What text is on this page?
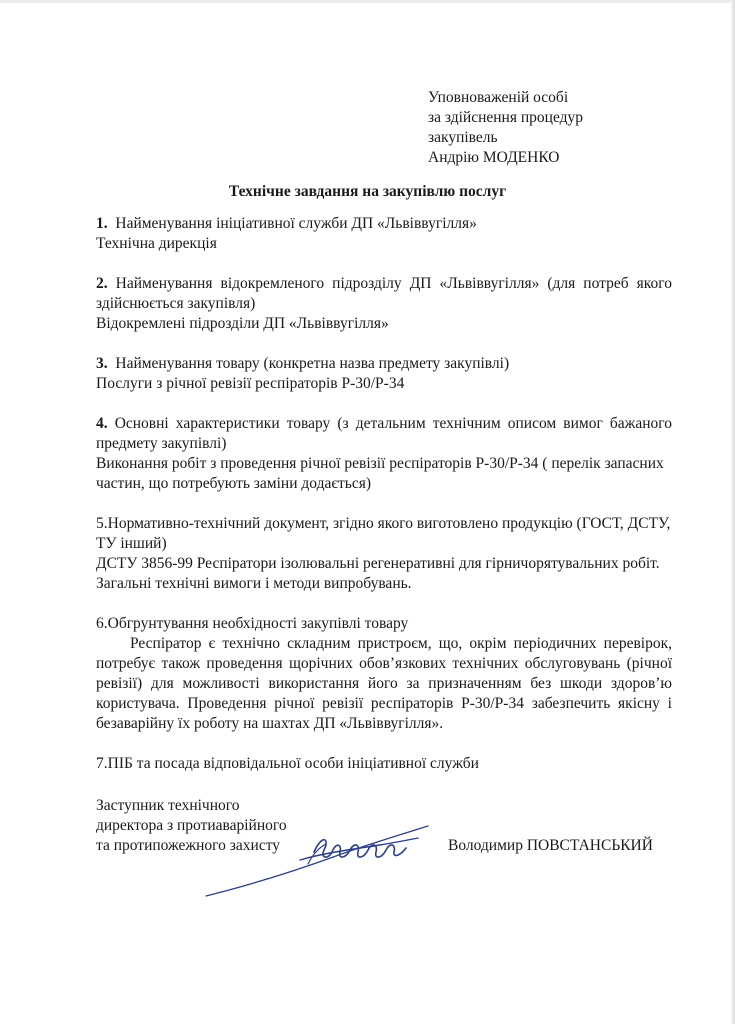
Уповноваженій особі
за здійснення процедур
закупівель
Андрію МОДЕНКО
Технічне завдання на закупівлю послуг

1. Найменування ініціативної служби ДП «Львіввугілля»

Технічна дирекція

2. Найменування відокремленого підрозділу ДП «Львіввугілля» (для потреб якого здійснюється закупівля)

Відокремлені підрозділи ДП «Львіввугілля»

3. Найменування товару (конкретна назва предмету закупівлі)

Послуги з річної ревізії респіраторів Р-30/Р-34

4. Основні характеристики товару (з детальним технічним описом вимог бажаного предмету закупівлі)

Виконання робіт з проведення річної ревізії респіраторів Р-30/Р-34 ( перелік запасних частин, що потребують заміни додається)

5.Нормативно-технічний документ, згідно якого виготовлено продукцію (ГОСТ, ДСТУ, ТУ інший)

ДСТУ 3856-99 Респіратори ізолювальні регенеративні для гірничорятувальних робіт. Загальні технічні вимоги і методи випробувань.

6.Обгрунтування необхідності закупівлі товару

Респіратор є технічно складним пристроєм, що, окрім періодичних перевірок, потребує також проведення щорічних обов’язкових технічних обслуговувань (річної ревізії) для можливості використання його за призначенням без шкоди здоров’ю користувача. Проведення річної ревізії респіраторів Р-30/Р-34 забезпечить якісну і безаварійну їх роботу на шахтах ДП «Львіввугілля».

7.ПІБ та посада відповідальної особи ініціативної служби

Заступник технічного
директора з протиаварійного
та протипожежного захисту	Володимир ПОВСТАНСЬКИЙ
